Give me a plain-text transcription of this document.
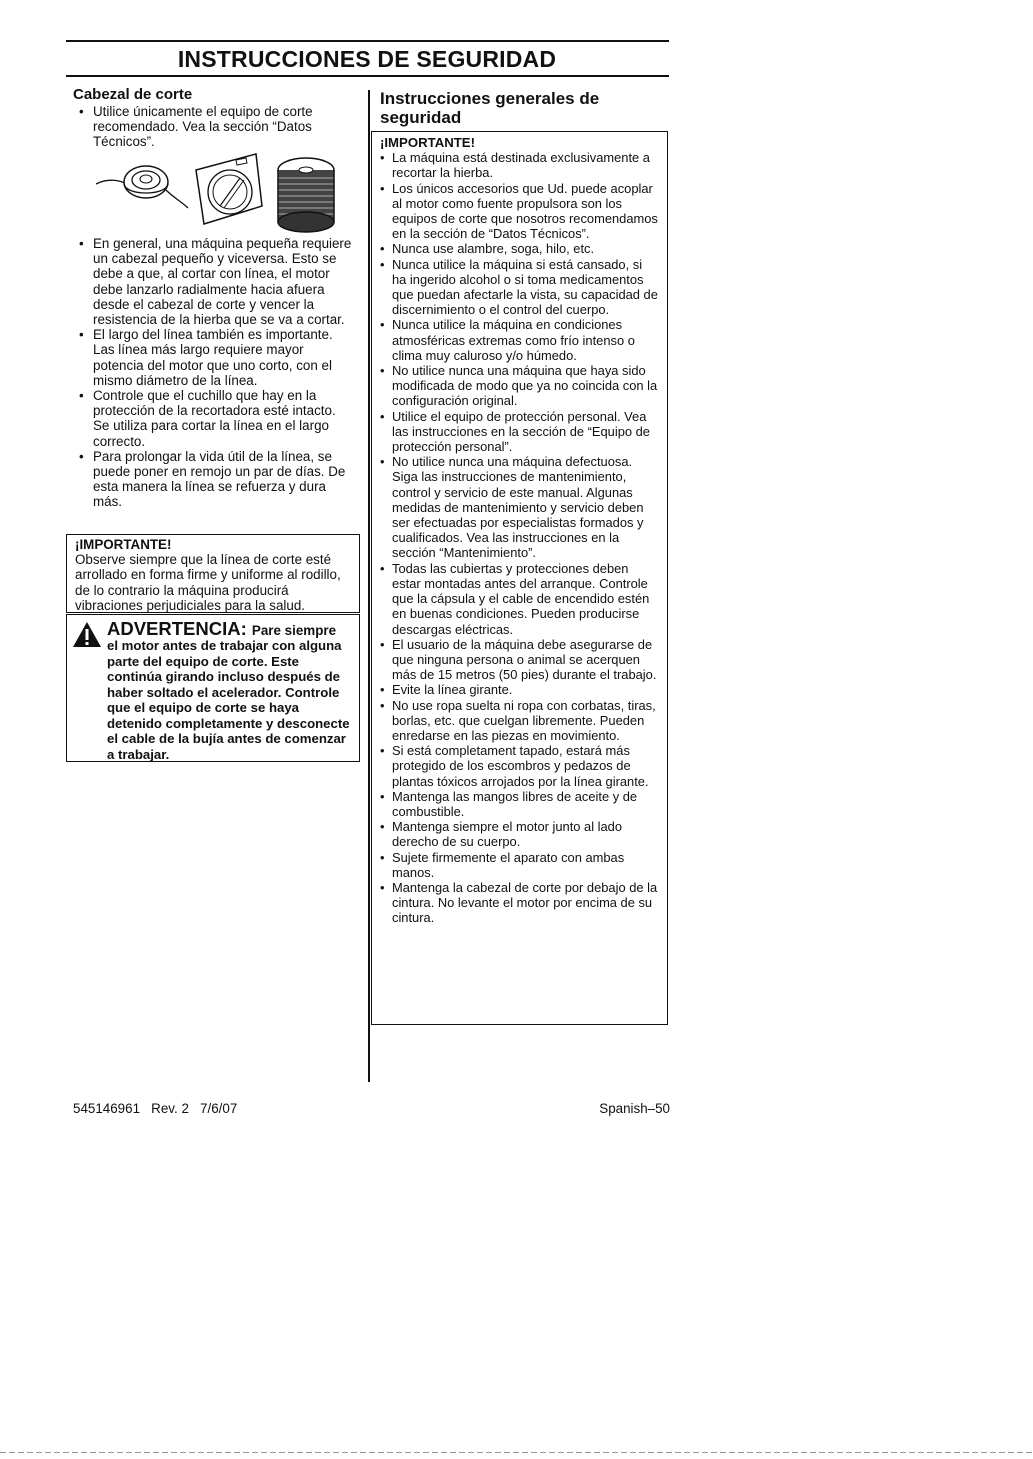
INSTRUCCIONES DE SEGURIDAD
Cabezal de corte
• Utilice únicamente el equipo de corte recomendado. Vea la sección “Datos Técnicos”.
• En general, una máquina pequeña requiere un cabezal pequeño y viceversa. Esto se debe a que, al cortar con línea, el motor debe lanzarlo radialmente hacia afuera desde el cabezal de corte y vencer la resistencia de la hierba que se va a cortar.
• El largo del línea también es importante. Las línea más largo requiere mayor potencia del motor que uno corto, con el mismo diámetro de la línea.
• Controle que el cuchillo que hay en la protección de la recortadora esté intacto. Se utiliza para cortar la línea en el largo correcto.
• Para prolongar la vida útil de la línea, se puede poner en remojo un par de días. De esta manera la línea se refuerza y dura más.
¡IMPORTANTE!
Observe siempre que la línea de corte esté arrollado en forma firme y uniforme al rodillo, de lo contrario la máquina producirá vibraciones perjudiciales para la salud.
ADVERTENCIA: Pare siempre
el motor antes de trabajar con alguna parte del equipo de corte. Este continúa girando incluso después de haber soltado el acelerador. Controle que el equipo de corte se haya detenido completamente y desconecte el cable de la bujía antes de comenzar a trabajar.
Instrucciones generales de
seguridad
¡IMPORTANTE!
• La máquina está destinada exclusivamente a recortar la hierba.
• Los únicos accesorios que Ud. puede acoplar al motor como fuente propulsora son los equipos de corte que nosotros recomendamos en la sección de “Datos Técnicos”.
• Nunca use alambre, soga, hilo, etc.
• Nunca utilice la máquina si está cansado, si ha ingerido alcohol o si toma medicamentos que puedan afectarle la vista, su capacidad de discernimiento o el control del cuerpo.
• Nunca utilice la máquina en condiciones atmosféricas extremas como frío intenso o clima muy caluroso y/o húmedo.
• No utilice nunca una máquina que haya sido modificada de modo que ya no coincida con la configuración original.
• Utilice el equipo de protección personal. Vea las instrucciones en la sección de “Equipo de protección personal”.
• No utilice nunca una máquina defectuosa. Siga las instrucciones de mantenimiento, control y servicio de este manual. Algunas medidas de mantenimiento y servicio deben ser efectuadas por especialistas formados y cualificados. Vea las instrucciones en la sección “Mantenimiento”.
• Todas las cubiertas y protecciones deben estar montadas antes del arranque. Controle que la cápsula y el cable de encendido estén en buenas condiciones. Pueden producirse descargas eléctricas.
• El usuario de la máquina debe asegurarse de que ninguna persona o animal se acerquen más de 15 metros (50 pies) durante el trabajo.
• Evite la línea girante.
• No use ropa suelta ni ropa con corbatas, tiras, borlas, etc. que cuelgan libremente. Pueden enredarse en las piezas en movimiento.
• Si está completament tapado, estará más protegido de los escombros y pedazos de plantas tóxicos arrojados por la línea girante.
• Mantenga las mangos libres de aceite y de combustible.
• Mantenga siempre el motor junto al lado derecho de su cuerpo.
• Sujete firmemente el aparato con ambas manos.
• Mantenga la cabezal de corte por debajo de la cintura. No levante el motor por encima de su cintura.
545146961   Rev. 2   7/6/07	Spanish–50
